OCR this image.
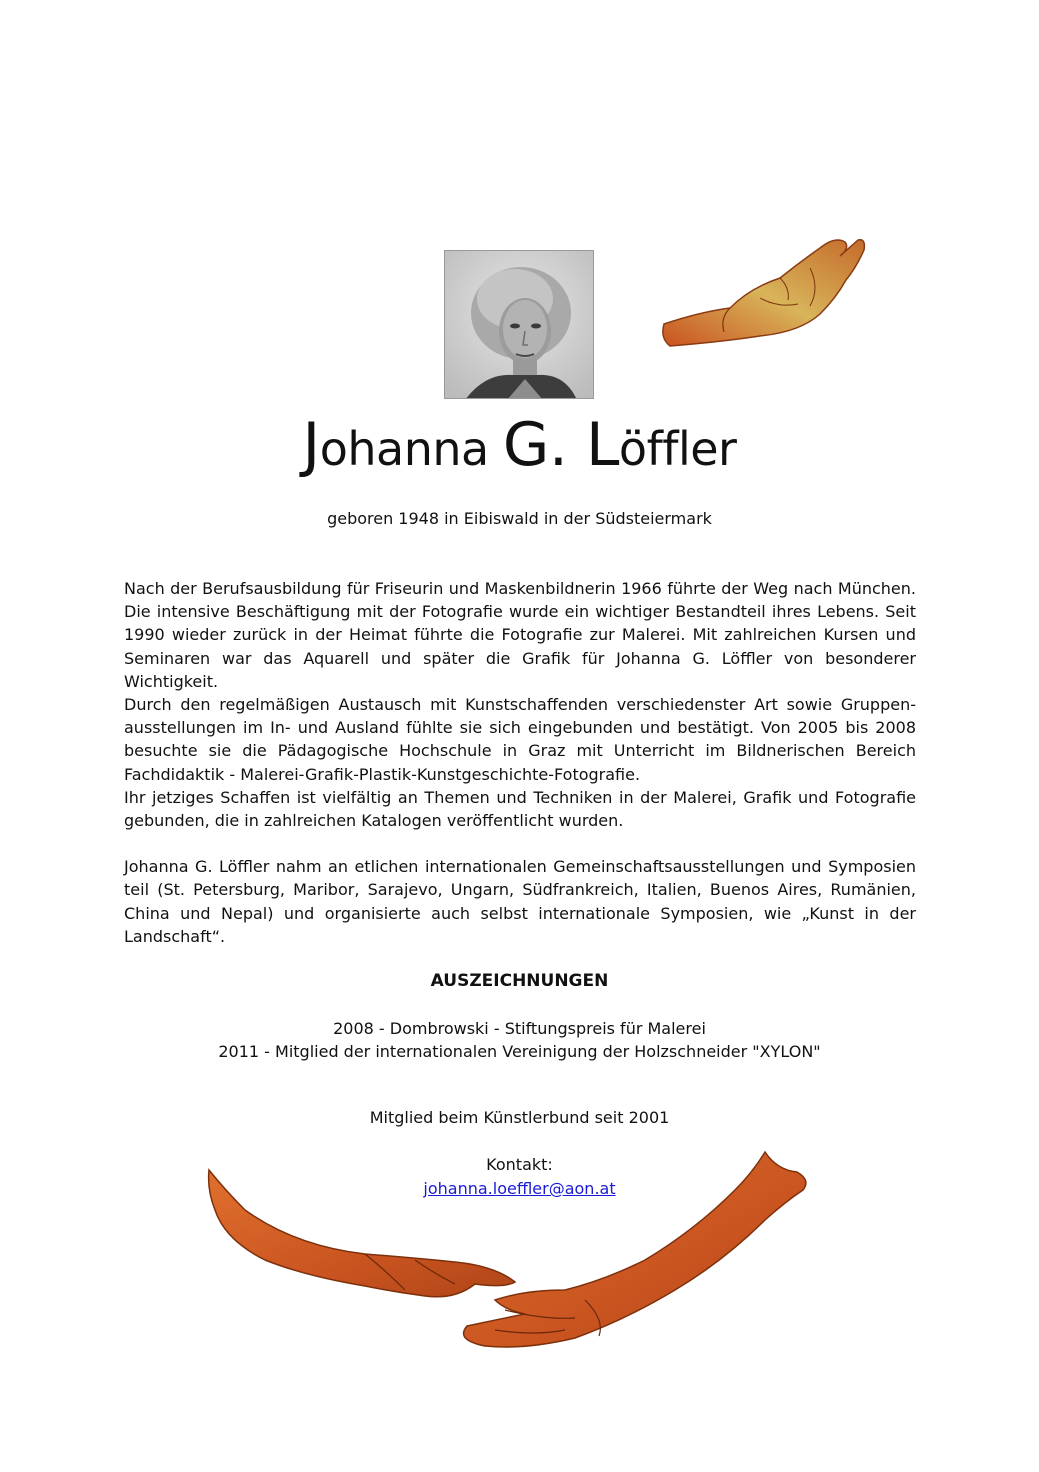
Johanna G. Löffler
geboren 1948 in Eibiswald in der Südsteiermark

Nach der Berufsausbildung für Friseurin und Maskenbildnerin 1966 führte der Weg nach München. Die intensive Beschäftigung mit der Fotografie wurde ein wichtiger Bestandteil ihres Lebens. Seit 1990 wieder zurück in der Heimat führte die Fotografie zur Malerei. Mit zahlreichen Kursen und Seminaren war das Aquarell und später die Grafik für Johanna G. Löffler von besonderer Wichtigkeit.

Durch den regelmäßigen Austausch mit Kunstschaffenden verschiedenster Art sowie Gruppen-ausstellungen im In- und Ausland fühlte sie sich eingebunden und bestätigt. Von 2005 bis 2008 besuchte sie die Pädagogische Hochschule in Graz mit Unterricht im Bildnerischen Bereich Fachdidaktik - Malerei-Grafik-Plastik-Kunstgeschichte-Fotografie.

Ihr jetziges Schaffen ist vielfältig an Themen und Techniken in der Malerei, Grafik und Fotografie gebunden, die in zahlreichen Katalogen veröffentlicht wurden.

Johanna G. Löffler nahm an etlichen internationalen Gemeinschaftsausstellungen und Symposien teil (St. Petersburg, Maribor, Sarajevo, Ungarn, Südfrankreich, Italien, Buenos Aires, Rumänien, China und Nepal) und organisierte auch selbst internationale Symposien, wie „Kunst in der Landschaft“.

AUSZEICHNUNGEN
2008 - Dombrowski - Stiftungspreis für Malerei
2011 - Mitglied der internationalen Vereinigung der Holzschneider "XYLON"
Mitglied beim Künstlerbund seit 2001
Kontakt:
johanna.loeffler@aon.at
